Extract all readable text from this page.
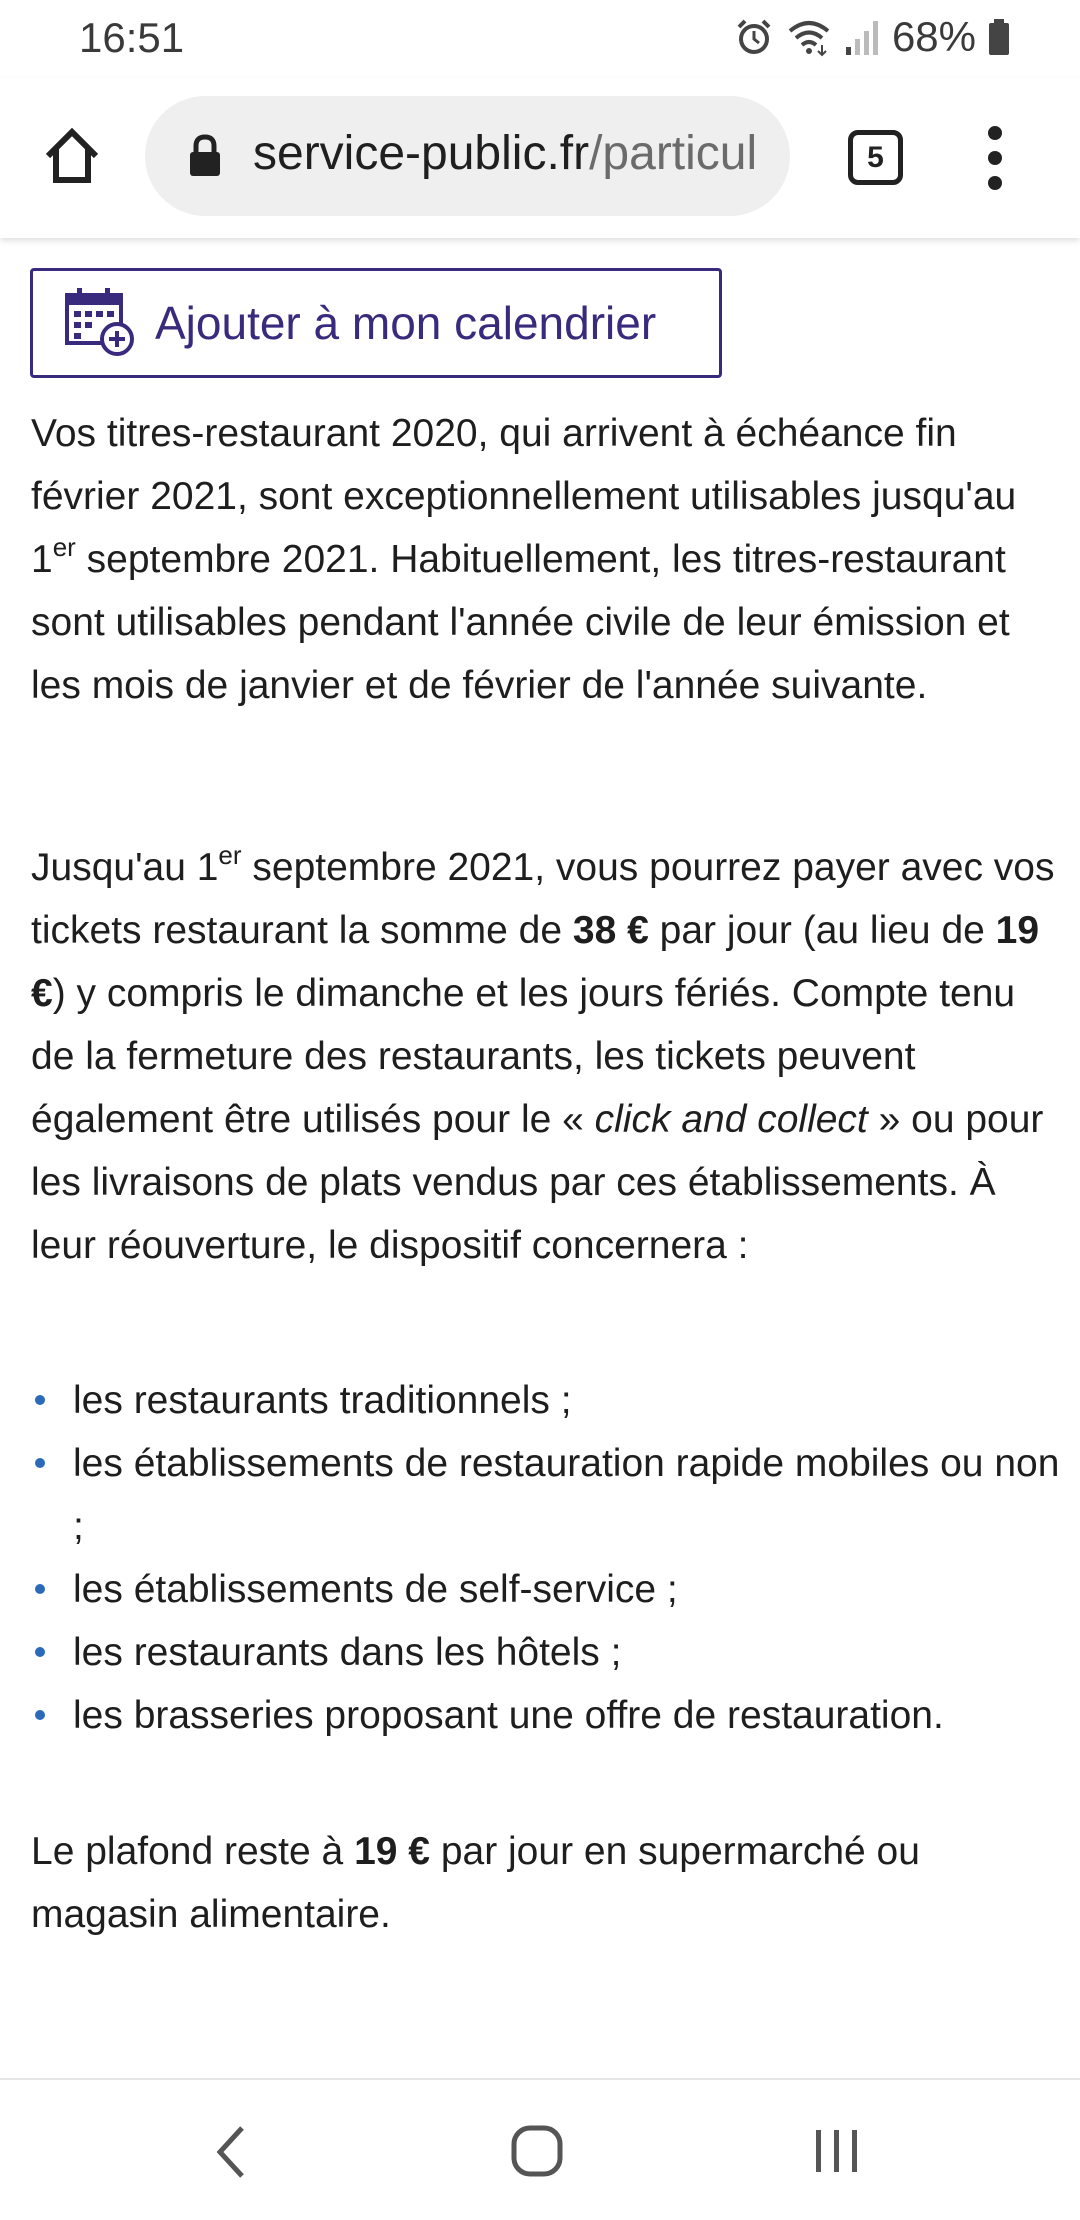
16:51	68%
service-public.fr/particul	5
Ajouter à mon calendrier

Vos titres-restaurant 2020, qui arrivent à échéance fin février 2021, sont exceptionnellement utilisables jusqu'au 1er septembre 2021. Habituellement, les titres-restaurant sont utilisables pendant l'année civile de leur émission et les mois de janvier et de février de l'année suivante.

Jusqu'au 1er septembre 2021, vous pourrez payer avec vos tickets restaurant la somme de 38 € par jour (au lieu de 19 €) y compris le dimanche et les jours fériés. Compte tenu de la fermeture des restaurants, les tickets peuvent également être utilisés pour le « click and collect » ou pour les livraisons de plats vendus par ces établissements. À leur réouverture, le dispositif concernera :

les restaurants traditionnels ;
les établissements de restauration rapide mobiles ou non ;
les établissements de self-service ;
les restaurants dans les hôtels ;
les brasseries proposant une offre de restauration.

Le plafond reste à 19 € par jour en supermarché ou magasin alimentaire.
